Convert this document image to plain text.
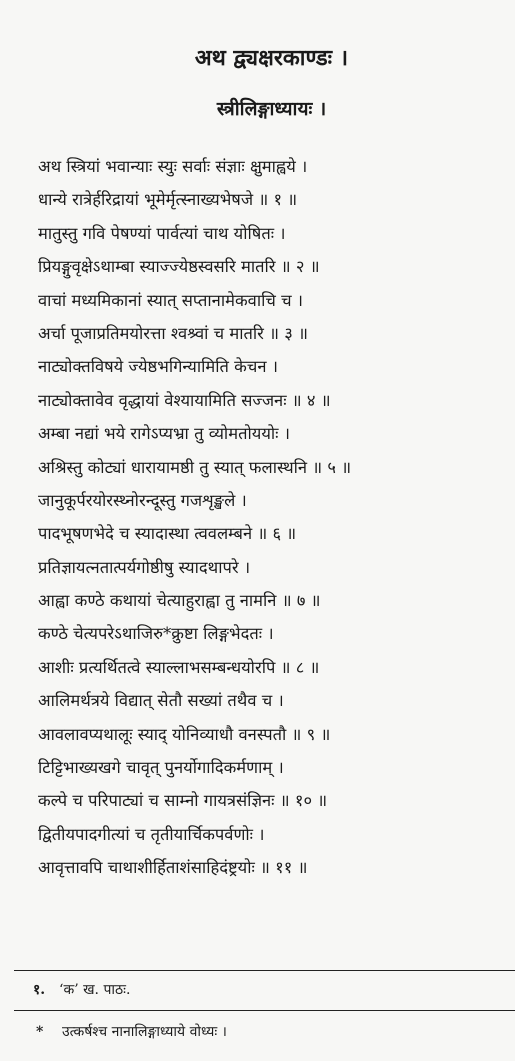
अथ द्व्यक्षरकाण्डः ।
स्त्रीलिङ्गाध्यायः ।
अथ स्त्रियां भवान्याः स्युः सर्वाः संज्ञाः क्षुमाह्वये ।
धान्ये रात्रेर्हरिद्रायां भूमेर्मृत्स्नाख्यभेषजे ॥ १ ॥
मातुस्तु गवि पेषण्यां पार्वत्यां चाथ योषितः ।
प्रियङ्गुवृक्षेऽथाम्बा स्याज्ज्येष्ठस्वसरि मातरि ॥ २ ॥
वाचां मध्यमिकानां स्यात् सप्तानामेकवाचि च ।
अर्चा पूजाप्रतिमयोरत्ता श्वश्र्वां च मातरि ॥ ३ ॥
नाट्योक्तविषये ज्येष्ठभगिन्यामिति केचन ।
नाट्योक्तावेव वृद्धायां वेश्यायामिति सज्जनः ॥ ४ ॥
अम्बा नद्यां भये रागेऽप्यभ्रा तु व्योमतोययोः ।
अश्रिस्तु कोट्यां धारायामष्ठी तु स्यात् फलास्थनि ॥ ५ ॥
जानुकूर्परयोरस्थ्नोरन्दूस्तु गजशृङ्खले ।
पादभूषणभेदे च स्यादास्था त्ववलम्बने ॥ ६ ॥
प्रतिज्ञायत्नतात्पर्यगोष्ठीषु स्यादथापरे ।
आह्वा कण्ठे कथायां चेत्याहुराह्वा तु नामनि ॥ ७ ॥
कण्ठे चेत्यपरेऽथाजिरु*क्रुष्टा लिङ्गभेदतः ।
आशीः प्रत्यर्थितत्वे स्याल्लाभसम्बन्धयोरपि ॥ ८ ॥
आलिमर्थत्रये विद्यात् सेतौ सख्यां तथैव च ।
आवलावप्यथालूः स्याद् योनिव्याधौ वनस्पतौ ॥ ९ ॥
टिट्टिभाख्यखगे चावृत् पुनर्योगादिकर्मणाम् ।
कल्पे च परिपाट्यां च साम्नो गायत्रसंज्ञिनः ॥ १० ॥
द्वितीयपादगीत्यां च तृतीयार्चिकपर्वणोः ।
आवृत्तावपि चाथाशीर्हिताशंसाहिदंष्ट्रयोः ॥ ११ ॥
१. ‘क’ ख. पाठः.
* उत्कर्षश्च नानालिङ्गाध्याये वोध्यः ।
